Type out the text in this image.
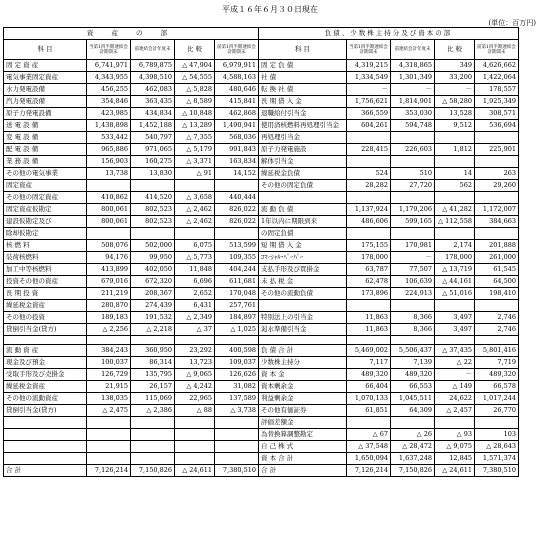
平成１６年６月３０日現在
(単位：百万円)
資 産 の 部					負債、少数株主持分及び資本の部				
科 目	当第1四半期連結会計期間末	前連結会計年度末	比 較	前第1四半期連結会計期間末	科 目	当第1四半期連結会計期間末	前連結会計年度末	比 較	前第1四半期連結会計期間末
固 定 資 産	6,741,971	6,789,875	△ 47,904	6,979,911	固 定 負 債	4,319,215	4,318,865	349	4,626,662
電気事業固定資産	4,343,955	4,398,510	△ 54,555	4,588,163	社 債	1,334,549	1,301,349	33,200	1,422,064
水力発電設備	456,255	462,083	△ 5,828	480,646	転 換 社 債	－	－	－	178,557
汽力発電設備	354,846	363,435	△ 8,589	415,841	長 期 借 入 金	1,756,621	1,814,901	△ 58,280	1,925,349
原子力発電設備	423,985	434,834	△ 10,848	462,868	退職給付引当金	366,559	353,030	13,528	308,571
送 電 設 備	1,438,898	1,452,188	△ 13,289	1,490,941	使用済核燃料再処理引当金	604,261	594,748	9,512	536,694
変 電 設 備	533,442	540,797	△ 7,355	568,036	再処理引当金				
配 電 設 備	965,886	971,065	△ 5,179	991,843	原子力発電施設	228,415	226,603	1,812	225,901
業 務 設 備	156,903	160,275	△ 3,371	163,834	解体引当金				
その他の電気事業	13,738	13,830	△ 91	14,152	繰延税金負債	524	510	14	263
固定資産					その他の固定負債	28,282	27,720	562	29,260
その他の固定資産	410,862	414,520	△ 3,658	440,444					
固定資産仮勘定	800,061	802,523	△ 2,462	826,022	流 動 負 債	1,137,924	1,179,206	△ 41,282	1,172,007
建設仮勘定及び	800,061	802,523	△ 2,462	826,022	1年以内に期限到来	486,606	599,165	△ 112,558	384,663
除却仮勘定					の固定負債				
核 燃 料	508,076	502,000	6,075	513,599	短 期 借 入 金	175,155	170,981	2,174	201,888
装荷核燃料	94,176	99,950	△ 5,773	109,355	ｺﾏｰｼｬﾙ･ﾍﾟｰﾊﾟｰ	178,000	－	178,000	261,000
加工中等核燃料	413,899	402,050	11,848	404,244	支払手形及び買掛金	63,787	77,507	△ 13,719	61,545
投資その他の資産	679,016	672,320	6,696	611,681	未 払 税 金	62,478	106,639	△ 44,161	64,500
長 期 投 資	211,219	208,367	2,652	170,048	その他の流動負債	173,896	224,913	△ 51,016	198,410
繰延税金資産	280,870	274,439	6,431	257,761					
その他の投資	189,183	191,532	△ 2,349	184,897	特別法上の引当金	11,863	8,366	3,497	2,746
貸倒引当金(貸方)	△ 2,256	△ 2,218	△ 37	△ 1,025	渇水準備引当金	11,863	8,366	3,497	2,746

流 動 資 産	384,243	360,950	23,292	400,598	負 債 合 計	5,469,002	5,506,437	△ 37,435	5,801,416
現金及び預金	100,037	86,314	13,723	109,037	少数株主持分	7,117	7,139	△ 22	7,719
受取手形及び売掛金	126,729	135,795	△ 9,065	126,626	資 本 金	489,320	489,320	－	489,320
繰延税金資産	21,915	26,157	△ 4,242	31,082	資本剰余金	66,404	66,553	△ 149	66,578
その他の流動資産	138,035	115,069	22,965	137,589	利益剰余金	1,070,133	1,045,511	24,622	1,017,244
貸倒引当金(貸方)	△ 2,475	△ 2,386	△ 88	△ 3,738	その他有価証券	61,851	64,309	△ 2,457	26,770
					評価差額金				
					為替換算調整勘定	△ 67	△ 26	△ 93	103
					自 己 株 式	△ 37,548	△ 28,472	△ 9,075	△ 28,643
					資 本 合 計	1,650,094	1,637,248	12,845	1,571,374
合 計	7,126,214	7,150,826	△ 24,611	7,380,510	合 計	7,126,214	7,150,826	△ 24,611	7,380,510
